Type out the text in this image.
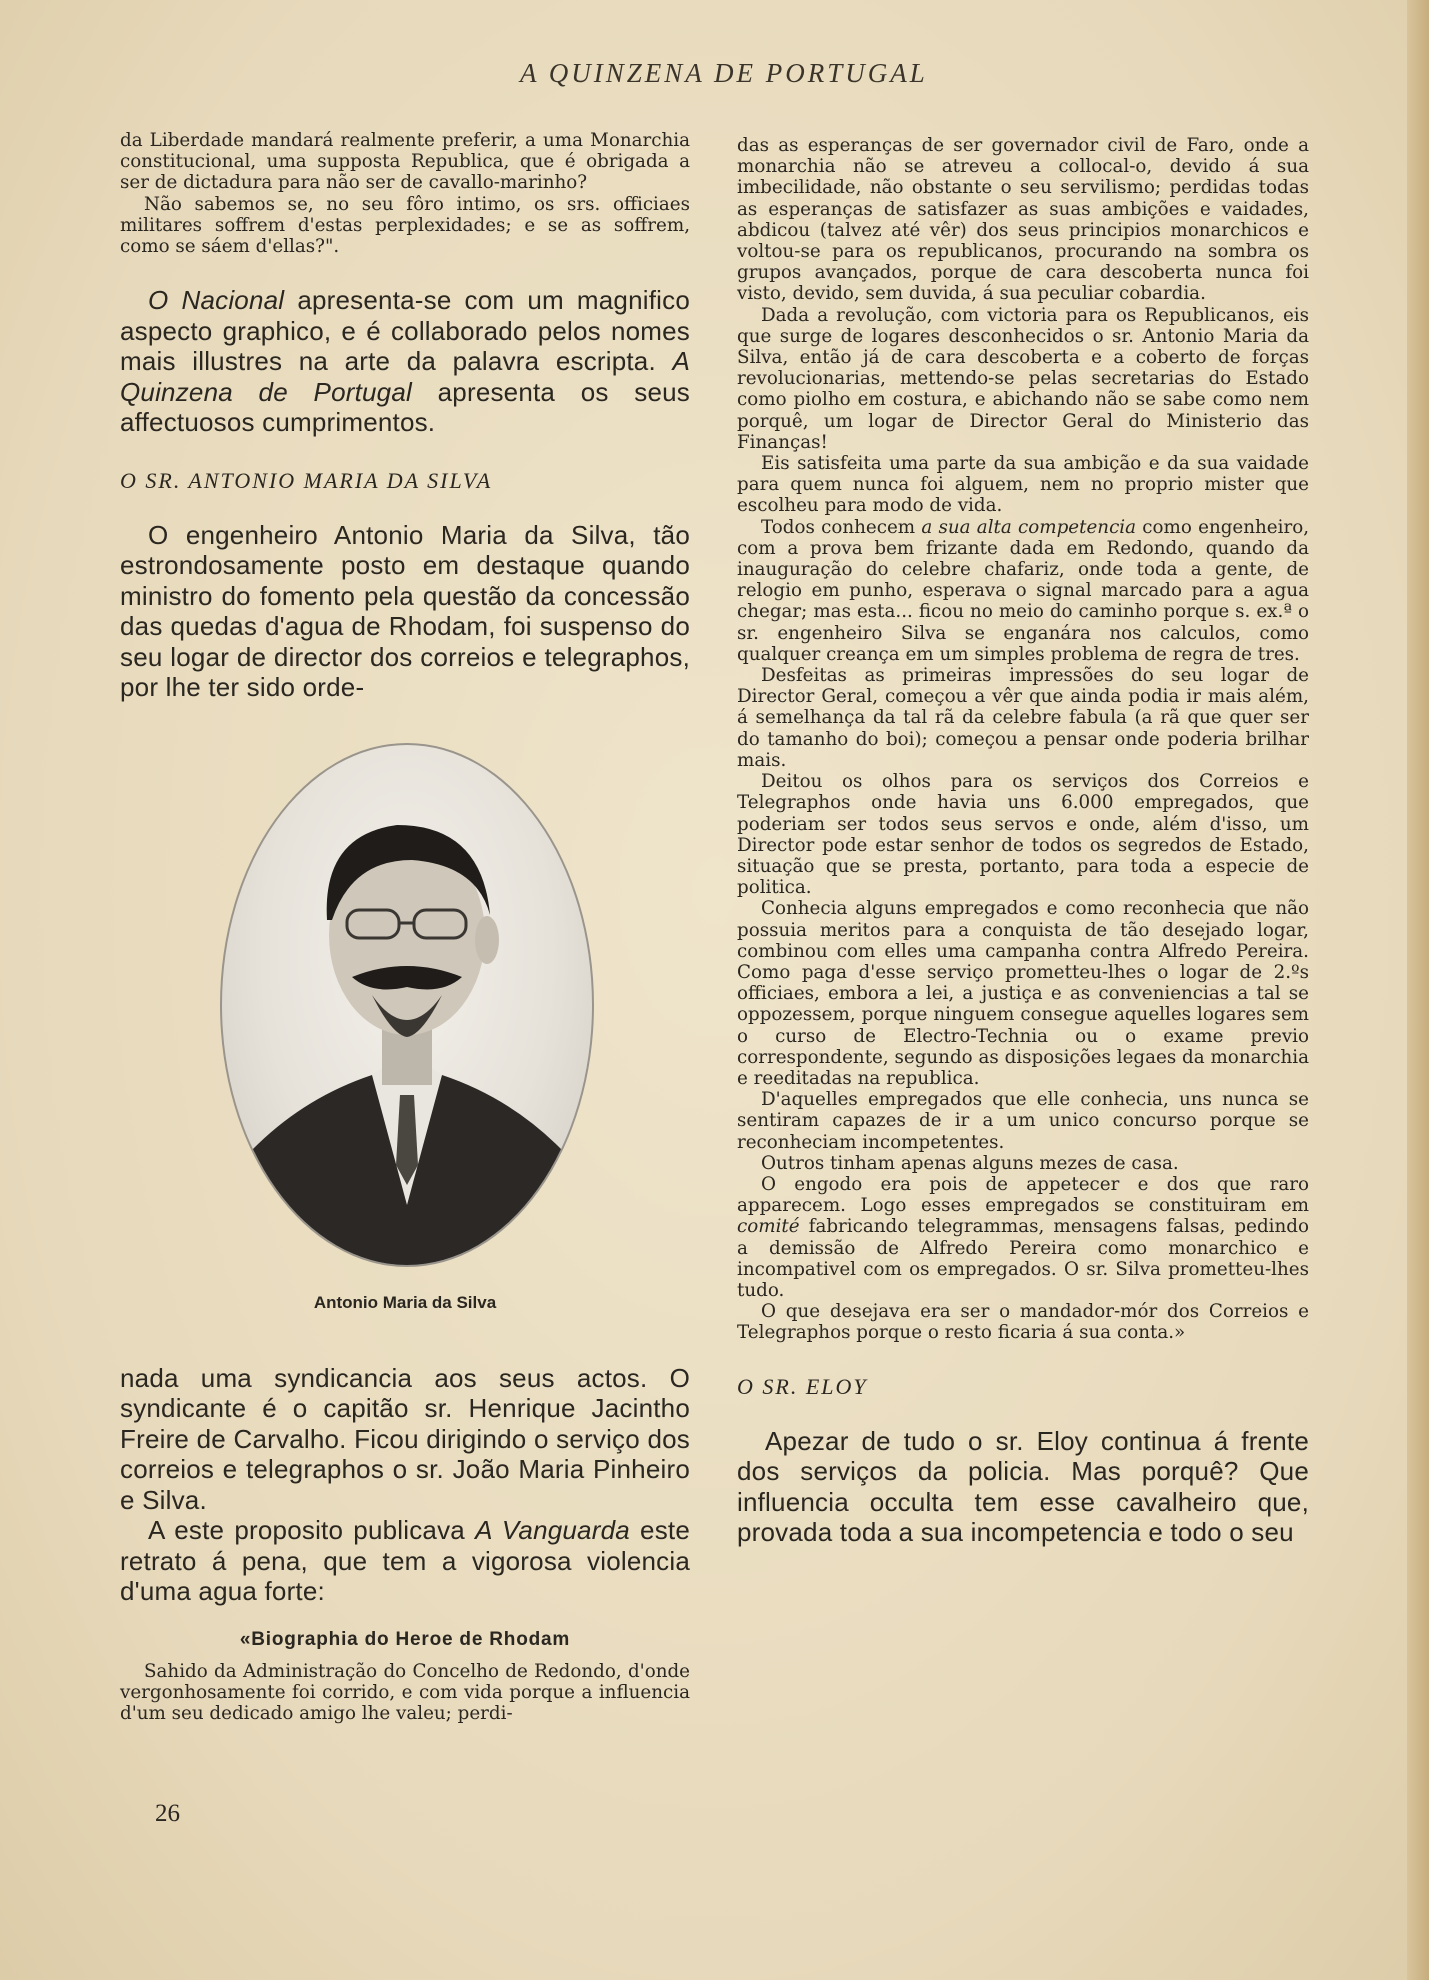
A QUINZENA DE PORTUGAL

da Liberdade mandará realmente preferir, a uma Monarchia constitucional, uma supposta Republica, que é obrigada a ser de dictadura para não ser de cavallo-marinho?

Não sabemos se, no seu fôro intimo, os srs. officiaes militares soffrem d'estas perplexidades; e se as soffrem, como se sáem d'ellas?".

O Nacional apresenta-se com um magnifico aspecto graphico, e é collaborado pelos nomes mais illustres na arte da palavra escripta. A Quinzena de Portugal apresenta os seus affectuosos cumprimentos.

O SR. ANTONIO MARIA DA SILVA

O engenheiro Antonio Maria da Silva, tão estrondosamente posto em destaque quando ministro do fomento pela questão da concessão das quedas d'agua de Rhodam, foi suspenso do seu logar de director dos correios e telegraphos, por lhe ter sido orde-

Antonio Maria da Silva

nada uma syndicancia aos seus actos. O syndicante é o capitão sr. Henrique Jacintho Freire de Carvalho. Ficou dirigindo o serviço dos correios e telegraphos o sr. João Maria Pinheiro e Silva.

A este proposito publicava A Vanguarda este retrato á pena, que tem a vigorosa violencia d'uma agua forte:

«Biographia do Heroe de Rhodam

Sahido da Administração do Concelho de Redondo, d'onde vergonhosamente foi corrido, e com vida porque a influencia d'um seu dedicado amigo lhe valeu; perdi-

das as esperanças de ser governador civil de Faro, onde a monarchia não se atreveu a collocal-o, devido á sua imbecilidade, não obstante o seu servilismo; perdidas todas as esperanças de satisfazer as suas ambições e vaidades, abdicou (talvez até vêr) dos seus principios monarchicos e voltou-se para os republicanos, procurando na sombra os grupos avançados, porque de cara descoberta nunca foi visto, devido, sem duvida, á sua peculiar cobardia.

Dada a revolução, com victoria para os Republicanos, eis que surge de logares desconhecidos o sr. Antonio Maria da Silva, então já de cara descoberta e a coberto de forças revolucionarias, mettendo-se pelas secretarias do Estado como piolho em costura, e abichando não se sabe como nem porquê, um logar de Director Geral do Ministerio das Finanças!

Eis satisfeita uma parte da sua ambição e da sua vaidade para quem nunca foi alguem, nem no proprio mister que escolheu para modo de vida.

Todos conhecem a sua alta competencia como engenheiro, com a prova bem frizante dada em Redondo, quando da inauguração do celebre chafariz, onde toda a gente, de relogio em punho, esperava o signal marcado para a agua chegar; mas esta... ficou no meio do caminho porque s. ex.ª o sr. engenheiro Silva se enganára nos calculos, como qualquer creança em um simples problema de regra de tres.

Desfeitas as primeiras impressões do seu logar de Director Geral, começou a vêr que ainda podia ir mais além, á semelhança da tal rã da celebre fabula (a rã que quer ser do tamanho do boi); começou a pensar onde poderia brilhar mais.

Deitou os olhos para os serviços dos Correios e Telegraphos onde havia uns 6.000 empregados, que poderiam ser todos seus servos e onde, além d'isso, um Director pode estar senhor de todos os segredos de Estado, situação que se presta, portanto, para toda a especie de politica.

Conhecia alguns empregados e como reconhecia que não possuia meritos para a conquista de tão desejado logar, combinou com elles uma campanha contra Alfredo Pereira. Como paga d'esse serviço prometteu-lhes o logar de 2.ºs officiaes, embora a lei, a justiça e as conveniencias a tal se oppozessem, porque ninguem consegue aquelles logares sem o curso de Electro-Technia ou o exame previo correspondente, segundo as disposições legaes da monarchia e reeditadas na republica.

D'aquelles empregados que elle conhecia, uns nunca se sentiram capazes de ir a um unico concurso porque se reconheciam incompetentes.

Outros tinham apenas alguns mezes de casa.

O engodo era pois de appetecer e dos que raro apparecem. Logo esses empregados se constituiram em comité fabricando telegrammas, mensagens falsas, pedindo a demissão de Alfredo Pereira como monarchico e incompativel com os empregados. O sr. Silva prometteu-lhes tudo.

O que desejava era ser o mandador-mór dos Correios e Telegraphos porque o resto ficaria á sua conta.»

O SR. ELOY

Apezar de tudo o sr. Eloy continua á frente dos serviços da policia. Mas porquê? Que influencia occulta tem esse cavalheiro que, provada toda a sua incompetencia e todo o seu

26
